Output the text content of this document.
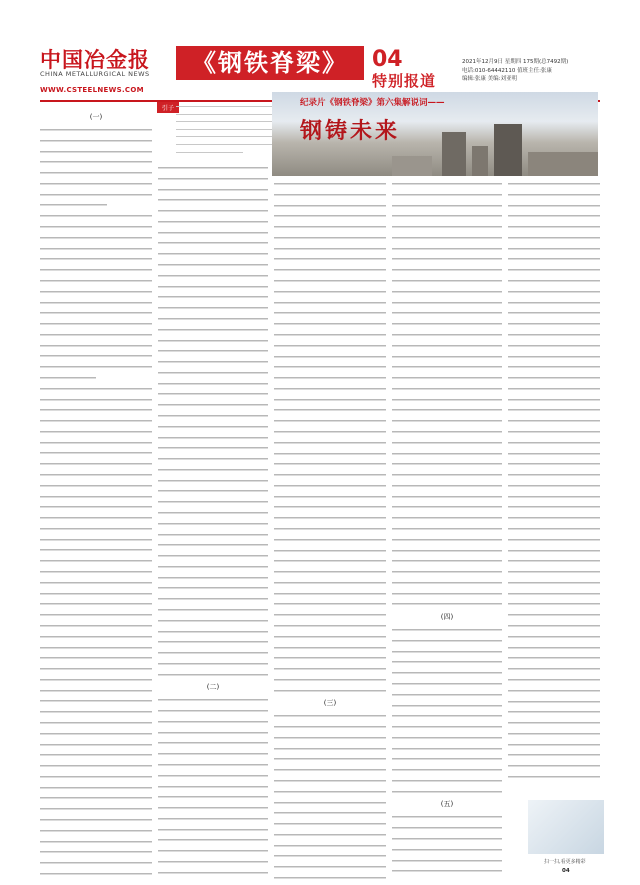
中国冶金报
CHINA METALLURGICAL NEWS
WWW.CSTEELNEWS.COM
《钢铁脊梁》	04
特别报道
2021年12月9日 星期四 175期(总7492期)
电话:010-64442110 值班主任:张康
编辑:张康 美编:刘亚明
纪录片《钢铁脊梁》第六集解说词——
钢铸未来
引子
(一)
(二)
(三)
(四)
(五)
扫一扫,看更多精彩
04
